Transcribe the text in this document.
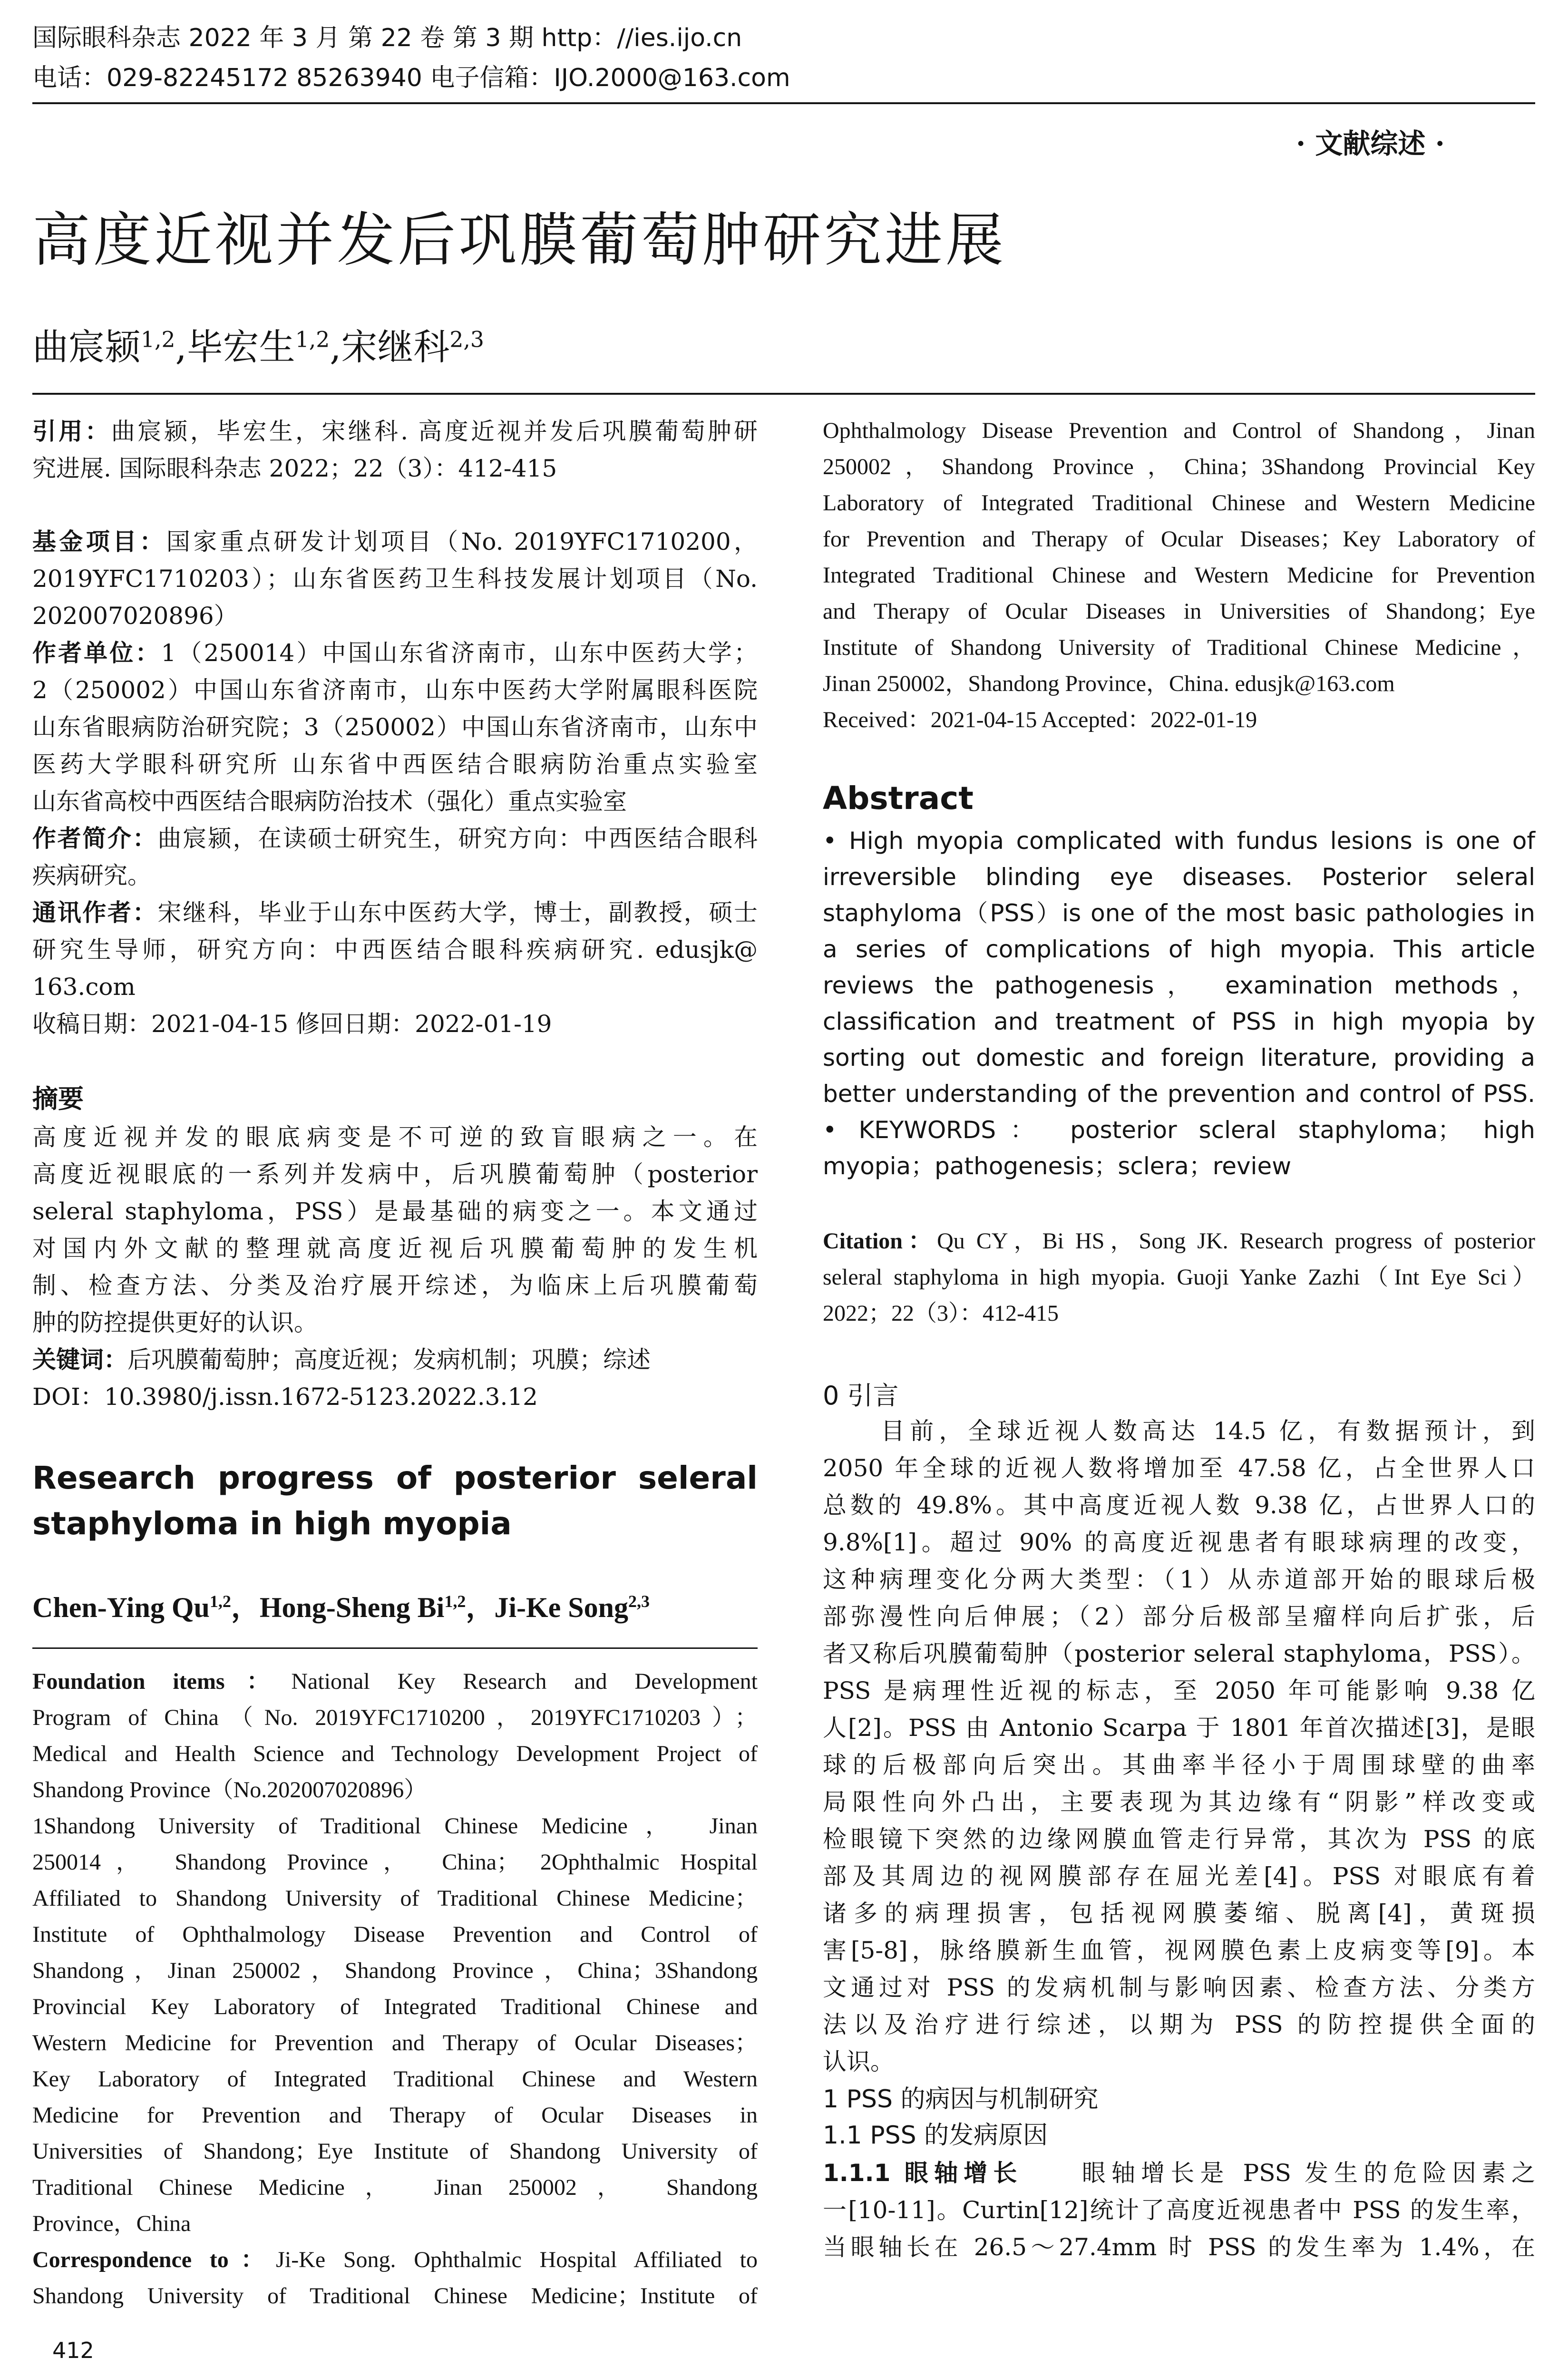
国际眼科杂志 2022 年 3 月 第 22 卷 第 3 期 http：//ies.ijo.cn
电话：029-82245172 85263940 电子信箱：IJO.2000@163.com
· 文献综述 ·
高度近视并发后巩膜葡萄肿研究进展
曲宸颍$^{1,2}$,毕宏生$^{1,2}$,宋继科$^{2,3}$
引用：曲宸颍，毕宏生，宋继科. 高度近视并发后巩膜葡萄肿研
究进展. 国际眼科杂志 2022；22（3）：412-415
基金项目：国家重点研发计划项目（No. 2019YFC1710200，
2019YFC1710203）；山东省医药卫生科技发展计划项目（No.
202007020896）
作者单位：1（250014）中国山东省济南市，山东中医药大学；
2（250002）中国山东省济南市，山东中医药大学附属眼科医院
山东省眼病防治研究院；3（250002）中国山东省济南市，山东中
医药大学眼科研究所 山东省中西医结合眼病防治重点实验室
山东省高校中西医结合眼病防治技术（强化）重点实验室
作者简介：曲宸颍，在读硕士研究生，研究方向：中西医结合眼科
疾病研究。
通讯作者：宋继科，毕业于山东中医药大学，博士，副教授，硕士
研究生导师，研究方向：中西医结合眼科疾病研究. edusjk@
163.com
收稿日期：2021-04-15 修回日期：2022-01-19
摘要
高度近视并发的眼底病变是不可逆的致盲眼病之一。在
高度近视眼底的一系列并发病中，后巩膜葡萄肿（posterior
seleral staphyloma，PSS）是最基础的病变之一。本文通过
对国内外文献的整理就高度近视后巩膜葡萄肿的发生机
制、检查方法、分类及治疗展开综述，为临床上后巩膜葡萄
肿的防控提供更好的认识。
关键词：后巩膜葡萄肿；高度近视；发病机制；巩膜；综述
DOI：10.3980/j.issn.1672-5123.2022.3.12
Research progress of posterior seleral
staphyloma in high myopia
Chen-Ying Qu$^{1,2}$，Hong-Sheng Bi$^{1,2}$，Ji-Ke Song$^{2,3}$
Foundation items：National Key Research and Development
Program of China（No. 2019YFC1710200，2019YFC1710203）；
Medical and Health Science and Technology Development Project of
Shandong Province（No.202007020896）
1Shandong University of Traditional Chinese Medicine， Jinan
250014， Shandong Province， China； 2Ophthalmic Hospital
Affiliated to Shandong University of Traditional Chinese Medicine；
Institute of Ophthalmology Disease Prevention and Control of
Shandong，Jinan 250002，Shandong Province，China；3Shandong
Provincial Key Laboratory of Integrated Traditional Chinese and
Western Medicine for Prevention and Therapy of Ocular Diseases；
Key Laboratory of Integrated Traditional Chinese and Western
Medicine for Prevention and Therapy of Ocular Diseases in
Universities of Shandong；Eye Institute of Shandong University of
Traditional Chinese Medicine， Jinan 250002， Shandong
Province，China
Correspondence to：Ji-Ke Song. Ophthalmic Hospital Affiliated to
Shandong University of Traditional Chinese Medicine；Institute of
412
Ophthalmology Disease Prevention and Control of Shandong，Jinan
250002，Shandong Province，China；3Shandong Provincial Key
Laboratory of Integrated Traditional Chinese and Western Medicine
for Prevention and Therapy of Ocular Diseases；Key Laboratory of
Integrated Traditional Chinese and Western Medicine for Prevention
and Therapy of Ocular Diseases in Universities of Shandong；Eye
Institute of Shandong University of Traditional Chinese Medicine，
Jinan 250002，Shandong Province，China. edusjk@163.com
Received：2021-04-15 Accepted：2022-01-19
Abstract
• High myopia complicated with fundus lesions is one of
irreversible blinding eye diseases. Posterior seleral
staphyloma（PSS）is one of the most basic pathologies in
a series of complications of high myopia. This article
reviews the pathogenesis， examination methods，
classification and treatment of PSS in high myopia by
sorting out domestic and foreign literature, providing a
better understanding of the prevention and control of PSS.
• KEYWORDS： posterior scleral staphyloma； high
myopia；pathogenesis；sclera；review
Citation：Qu CY，Bi HS，Song JK. Research progress of posterior
seleral staphyloma in high myopia. Guoji Yanke Zazhi（Int Eye Sci）
2022；22（3）：412-415
0 引言
　　目前，全球近视人数高达 14.5 亿，有数据预计，到
2050 年全球的近视人数将增加至 47.58 亿，占全世界人口
总数的 49.8%。其中高度近视人数 9.38 亿，占世界人口的
9.8%[1]。超过 90% 的高度近视患者有眼球病理的改变，
这种病理变化分两大类型：（1）从赤道部开始的眼球后极
部弥漫性向后伸展；（2）部分后极部呈瘤样向后扩张，后
者又称后巩膜葡萄肿（posterior seleral staphyloma，PSS）。
PSS 是病理性近视的标志，至 2050 年可能影响 9.38 亿
人[2]。PSS 由 Antonio Scarpa 于 1801 年首次描述[3]，是眼
球的后极部向后突出。其曲率半径小于周围球壁的曲率
局限性向外凸出，主要表现为其边缘有“阴影”样改变或
检眼镜下突然的边缘网膜血管走行异常，其次为 PSS 的底
部及其周边的视网膜部存在屈光差[4]。PSS 对眼底有着
诸多的病理损害，包括视网膜萎缩、脱离[4]，黄斑损
害[5-8]，脉络膜新生血管，视网膜色素上皮病变等[9]。本
文通过对 PSS 的发病机制与影响因素、检查方法、分类方
法以及治疗进行综述，以期为 PSS 的防控提供全面的
认识。
1 PSS 的病因与机制研究
1.1 PSS 的发病原因
1.1.1 眼轴增长　　 眼轴增长是 PSS 发生的危险因素之
一[10-11]。Curtin[12]统计了高度近视患者中 PSS 的发生率，
当眼轴长在 26.5～27.4mm 时 PSS 的发生率为 1.4%，在
